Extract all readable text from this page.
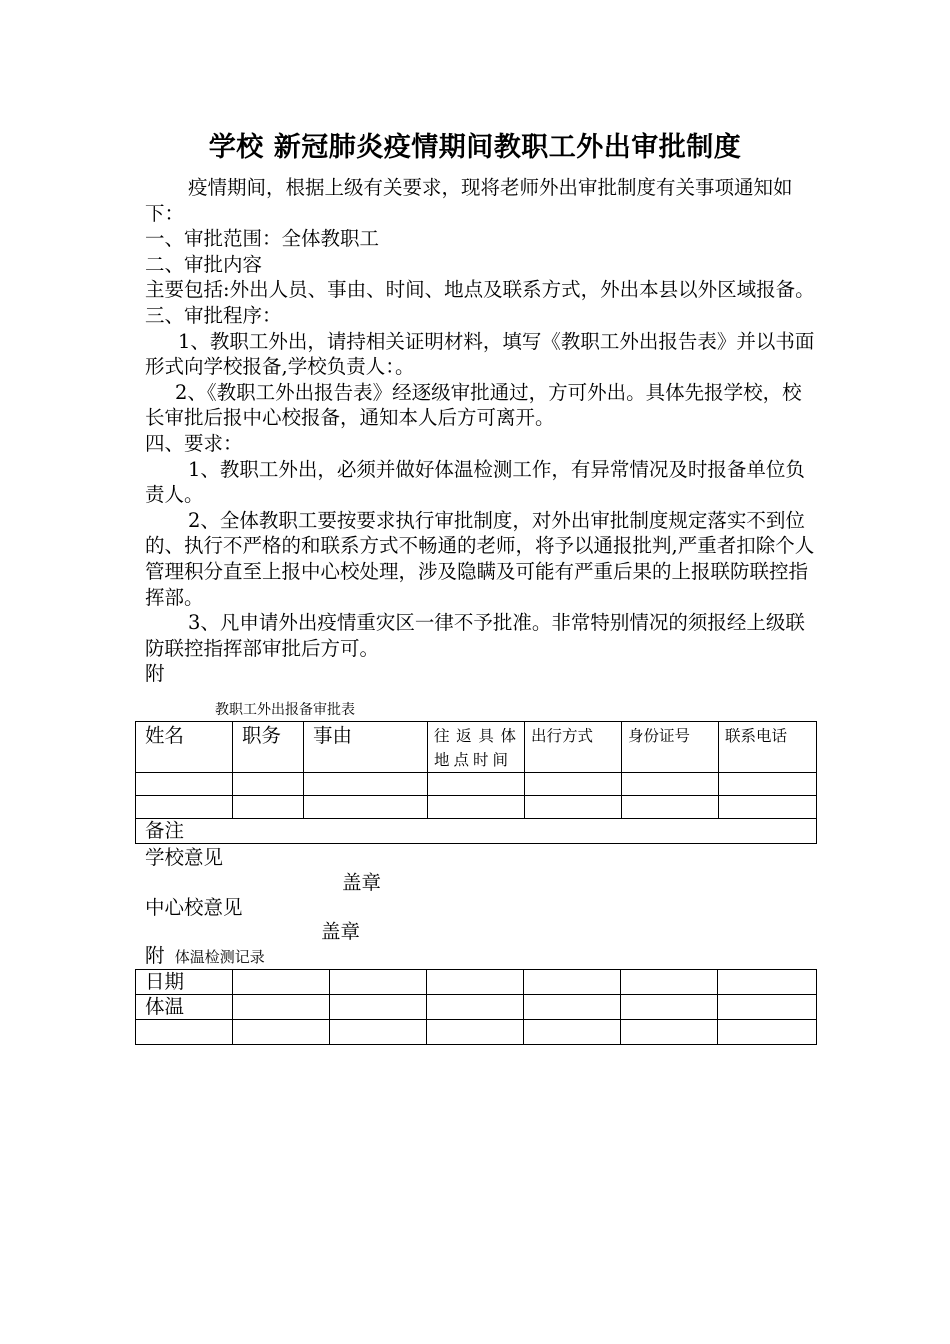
学校 新冠肺炎疫情期间教职工外出审批制度

疫情期间，根据上级有关要求，现将老师外出审批制度有关事项通知如下：

一、审批范围：全体教职工

二、审批内容

主要包括:外出人员、事由、时间、地点及联系方式，外出本县以外区域报备。

三、审批程序：

1、教职工外出，请持相关证明材料，填写《教职工外出报告表》并以书面形式向学校报备,学校负责人：。

2、《教职工外出报告表》经逐级审批通过，方可外出。具体先报学校，校长审批后报中心校报备，通知本人后方可离开。

四、要求：

1、教职工外出，必须并做好体温检测工作，有异常情况及时报备单位负责人。

2、全体教职工要按要求执行审批制度，对外出审批制度规定落实不到位的、执行不严格的和联系方式不畅通的老师，将予以通报批判,严重者扣除个人管理积分直至上报中心校处理，涉及隐瞒及可能有严重后果的上报联防联控指挥部。

3、凡申请外出疫情重灾区一律不予批准。非常特别情况的须报经上级联防联控指挥部审批后方可。

附

教职工外出报备审批表
姓名	职务	事由	往返具体地点时间	出行方式	身份证号	联系电话

备注						
学校意见
盖章
中心校意见
盖章
附 体温检测记录
日期						
体温						
